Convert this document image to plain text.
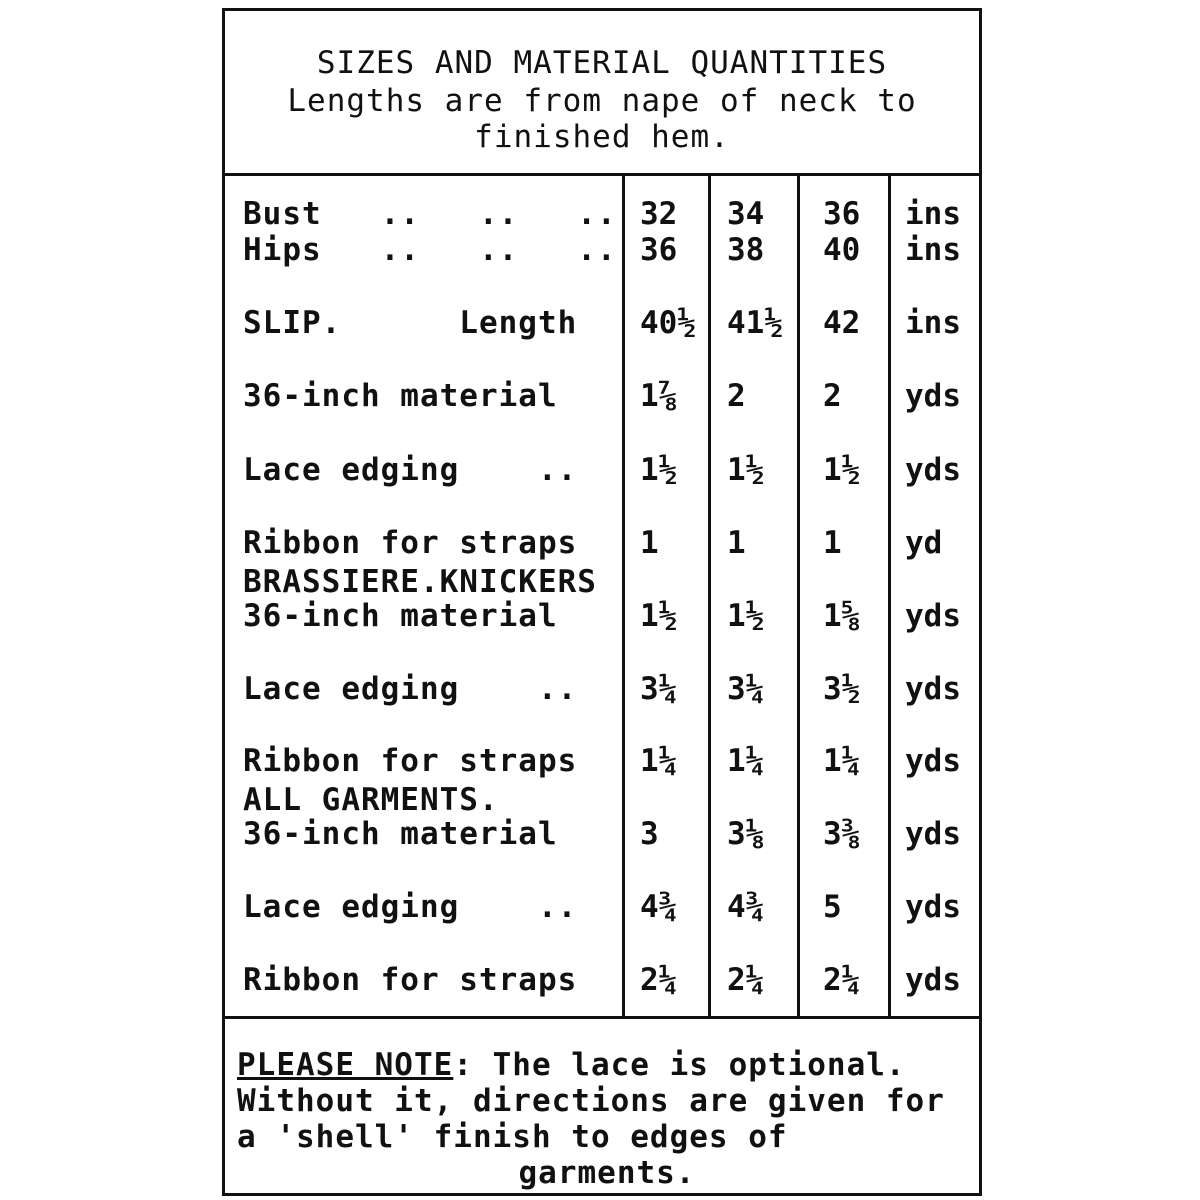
SIZES AND MATERIAL QUANTITIES
Lengths are from nape of neck to finished hem.
Bust   ..   ..   .. 32 34 36 ins
Hips   ..   ..   .. 36 38 40 ins
SLIP.      Length 40½ 41½ 42 ins
36-inch material	1⅞ 2 2 yds
Lace edging    .. 1½ 1½ 1½ yds
Ribbon for straps 1 1 1 yd
BRASSIERE.KNICKERS
36-inch material	1½ 1½ 1⅝ yds
Lace edging    .. 3¼ 3¼ 3½ yds
Ribbon for straps 1¼ 1¼ 1¼ yds
ALL GARMENTS.
36-inch material	3 3⅛ 3⅜ yds
Lace edging    .. 4¾ 4¾ 5 yds
Ribbon for straps 2¼ 2¼ 2¼ yds
PLEASE NOTE: The lace is optional. Without it, directions are given for a 'shell' finish to edges of
garments.
